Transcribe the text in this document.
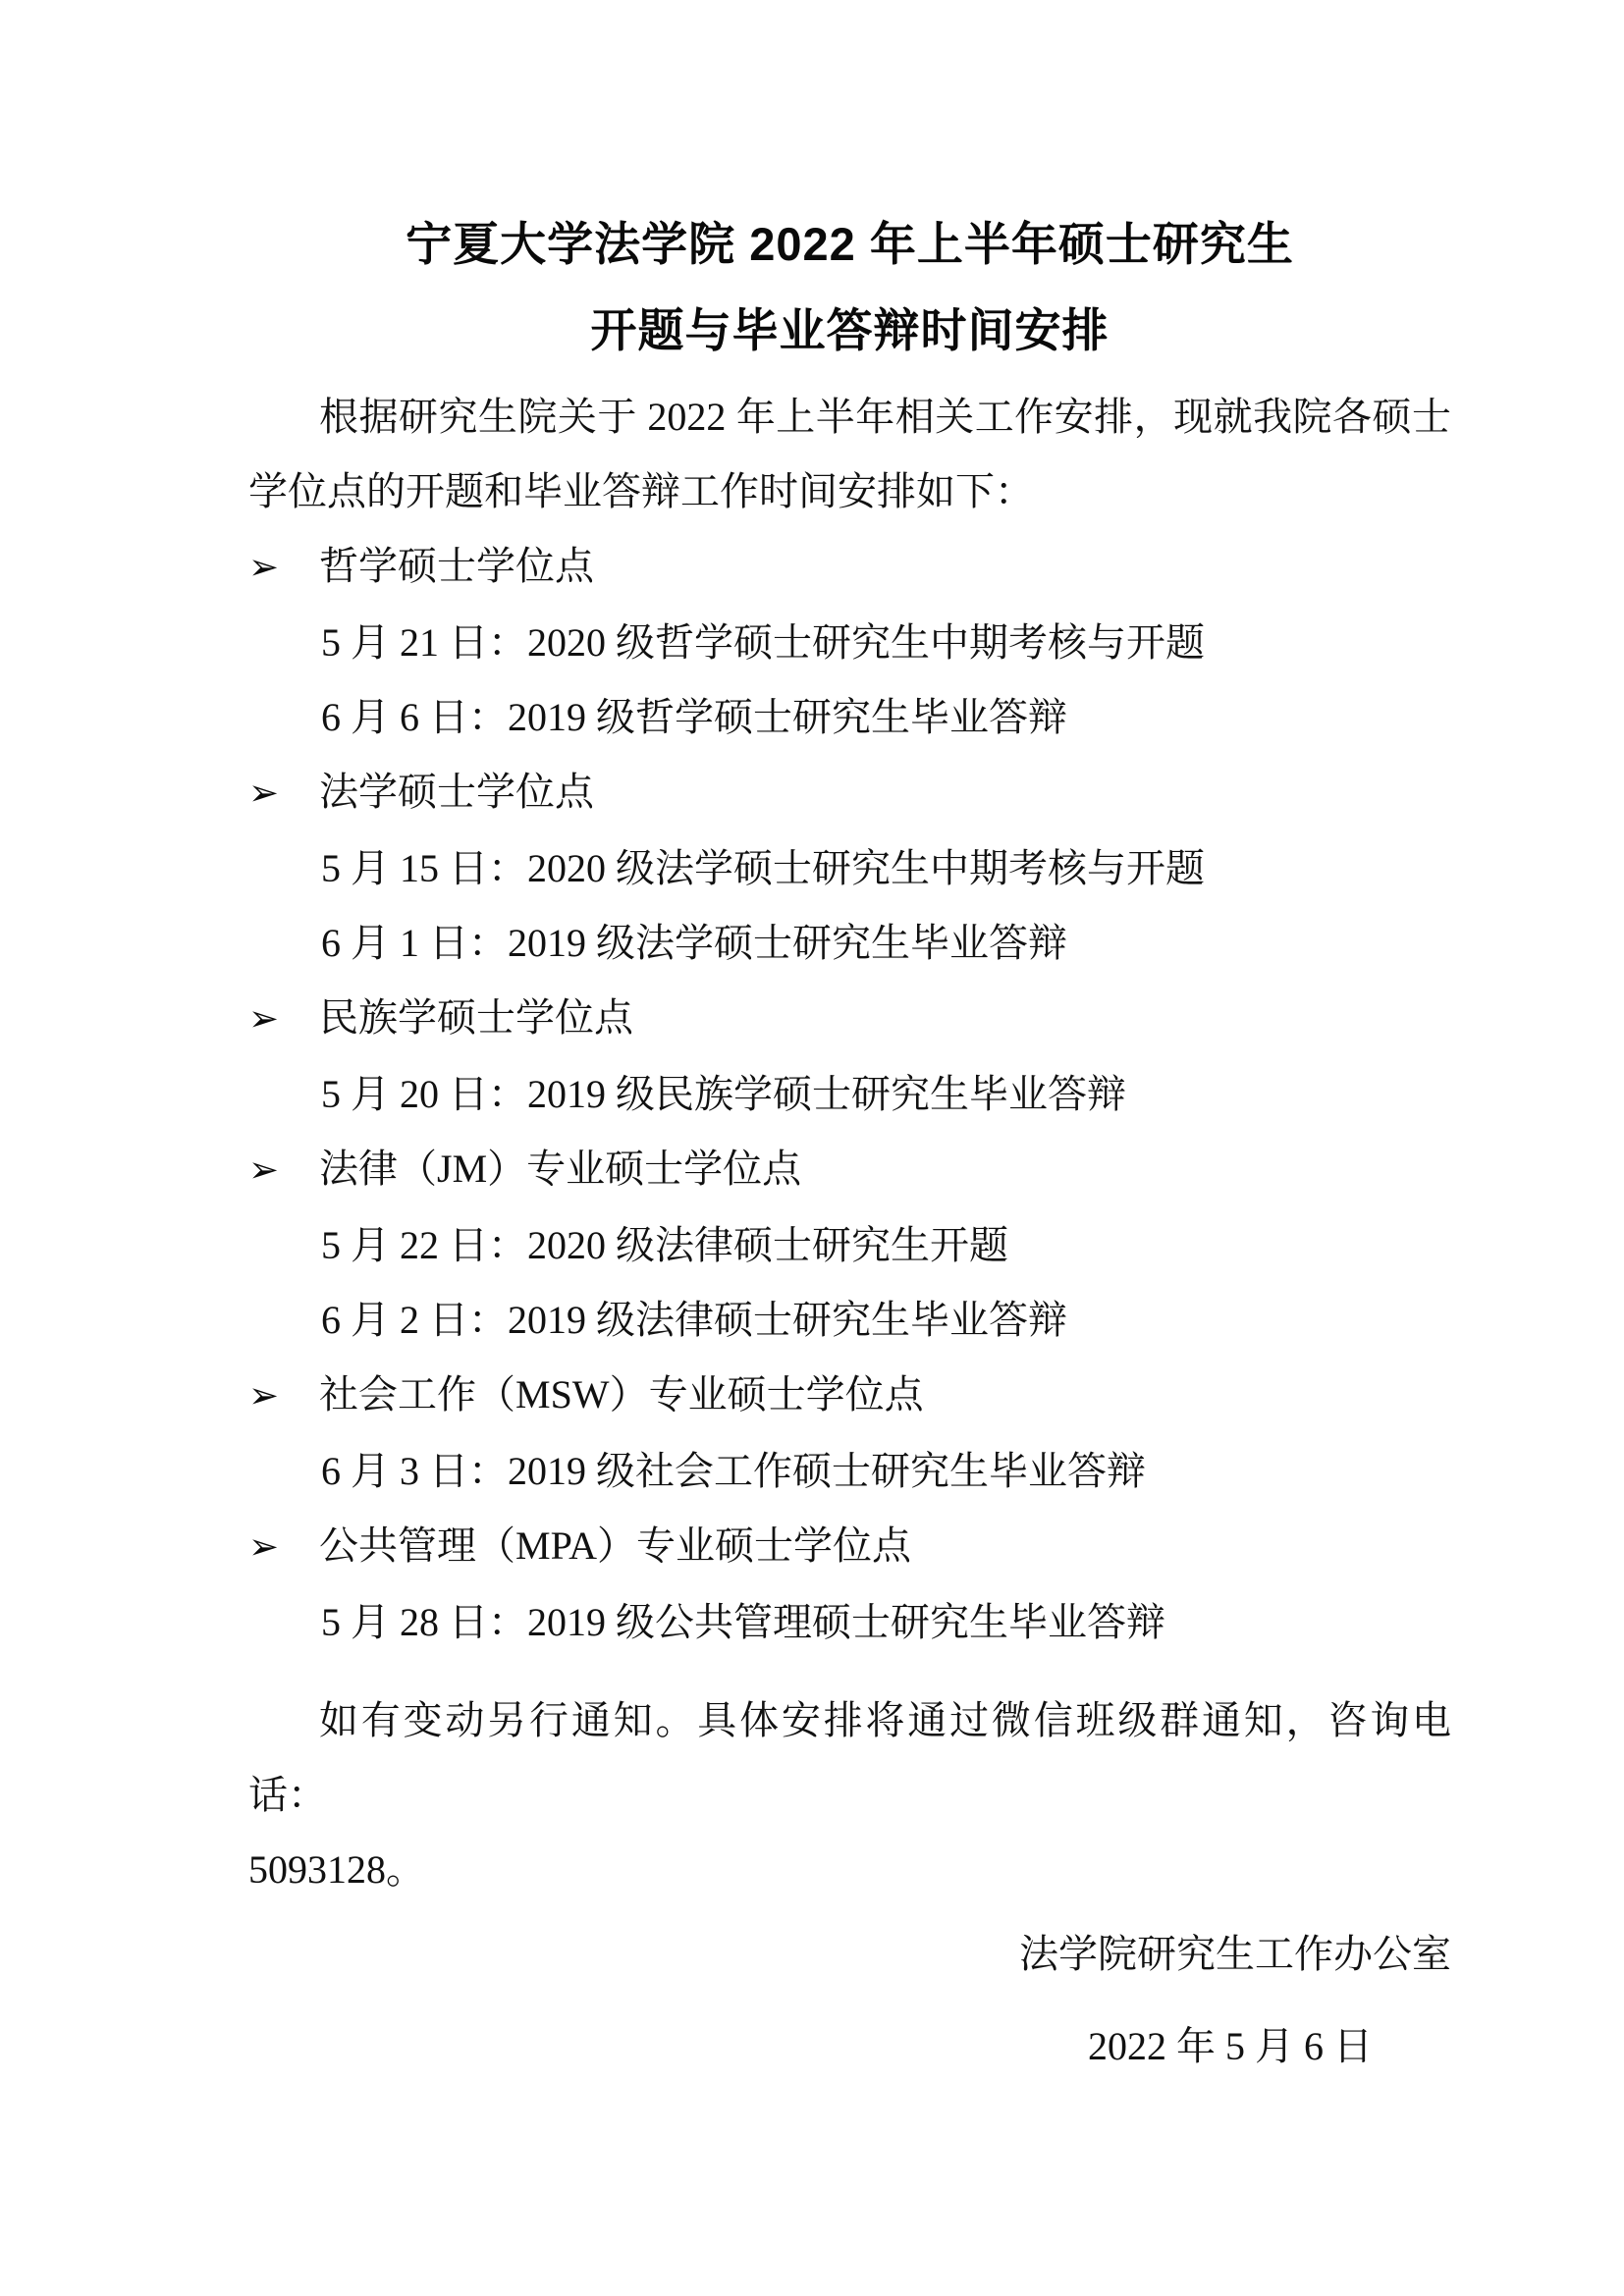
宁夏大学法学院 2022 年上半年硕士研究生
开题与毕业答辩时间安排

根据研究生院关于 2022 年上半年相关工作安排，现就我院各硕士学位点的开题和毕业答辩工作时间安排如下：

➢ 哲学硕士学位点
5 月 21 日：2020 级哲学硕士研究生中期考核与开题
6 月 6 日：2019 级哲学硕士研究生毕业答辩
➢ 法学硕士学位点
5 月 15 日：2020 级法学硕士研究生中期考核与开题
6 月 1 日：2019 级法学硕士研究生毕业答辩
➢ 民族学硕士学位点
5 月 20 日：2019 级民族学硕士研究生毕业答辩
➢ 法律（JM）专业硕士学位点
5 月 22 日：2020 级法律硕士研究生开题
6 月 2 日：2019 级法律硕士研究生毕业答辩
➢ 社会工作（MSW）专业硕士学位点
6 月 3 日：2019 级社会工作硕士研究生毕业答辩
➢ 公共管理（MPA）专业硕士学位点
5 月 28 日：2019 级公共管理硕士研究生毕业答辩

如有变动另行通知。具体安排将通过微信班级群通知，咨询电话：
5093128。

法学院研究生工作办公室
2022 年 5 月 6 日
